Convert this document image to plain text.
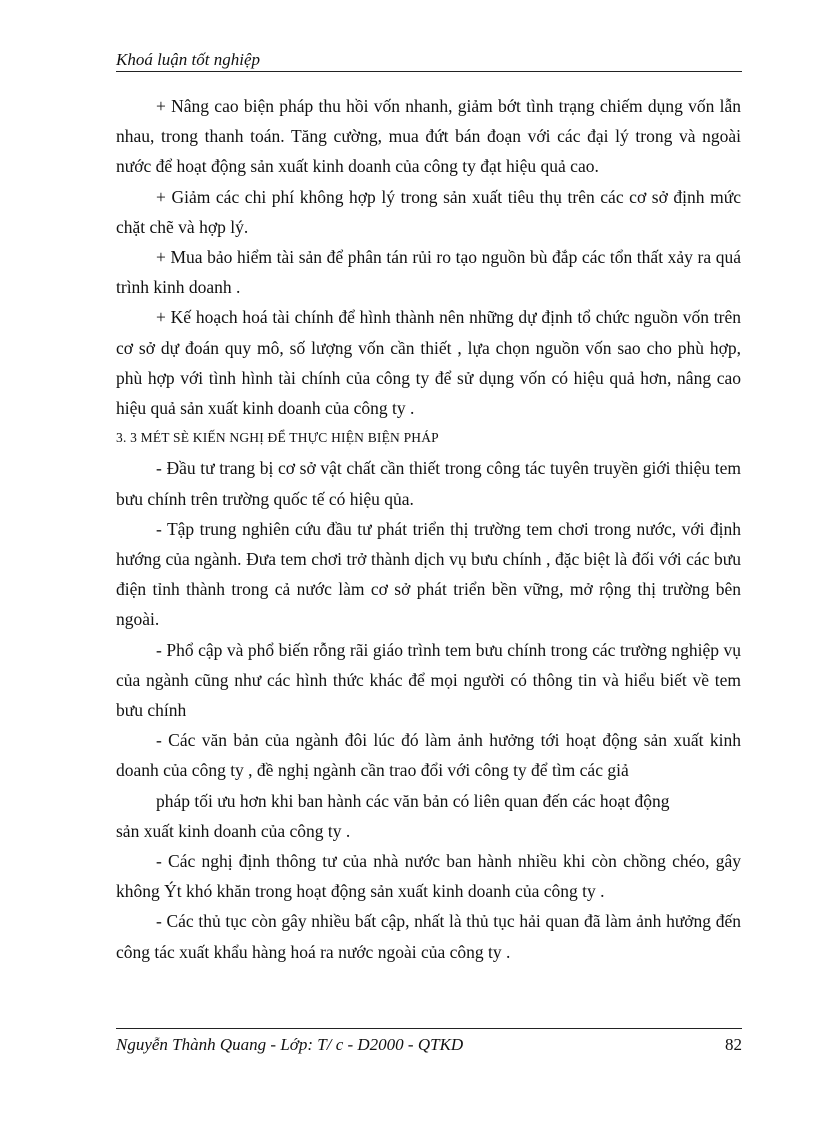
Khoá luận tốt nghiệp

+ Nâng cao biện pháp thu hồi vốn nhanh, giảm bớt tình trạng chiếm dụng vốn lẫn nhau, trong thanh toán. Tăng cường, mua đứt bán đoạn với các đại lý trong và ngoài nước để hoạt động sản xuất kinh doanh của công ty đạt hiệu quả cao.

+ Giảm các chi phí không hợp lý trong sản xuất tiêu thụ trên các cơ sở định mức chặt chẽ và hợp lý.

+ Mua bảo hiểm tài sản để phân tán rủi ro tạo nguồn bù đắp các tổn thất xảy ra quá trình kinh doanh .

+ Kế hoạch hoá tài chính để hình thành nên những dự định tổ chức nguồn vốn trên cơ sở dự đoán quy mô, số lượng vốn cần thiết , lựa chọn nguồn vốn sao cho phù hợp, phù hợp với tình hình tài chính của công ty để sử dụng vốn có hiệu quả hơn, nâng cao hiệu quả sản xuất kinh doanh của công ty .

3. 3 MÉT SÈ KIẾN NGHỊ ĐỂ THỰC HIỆN BIỆN PHÁP

- Đầu tư trang bị cơ sở vật chất cần thiết trong công tác tuyên truyền giới thiệu tem bưu chính trên trường quốc tế có hiệu qủa.

- Tập trung nghiên cứu đầu tư phát triển thị trường tem chơi trong nước, với định hướng của ngành. Đưa tem chơi trở thành dịch vụ bưu chính , đặc biệt là đối với các bưu điện tỉnh thành trong cả nước làm cơ sở phát triển bền vững, mở rộng thị trường bên ngoài.

- Phổ cập và phổ biến rỗng rãi giáo trình tem bưu chính trong các trường nghiệp vụ của ngành cũng như các hình thức khác để mọi người có thông tin và hiểu biết về tem bưu chính

- Các văn bản của ngành đôi lúc đó làm ảnh hưởng tới hoạt động sản xuất kinh doanh của công ty , đề nghị ngành cần trao đổi với công ty để tìm các giả

pháp tối ưu hơn khi ban hành các văn bản có liên quan đến các hoạt động

sản xuất kinh doanh của công ty .

- Các nghị định thông tư của nhà nước ban hành nhiều khi còn chồng chéo, gây không Ýt khó khăn trong hoạt động sản xuất kinh doanh của công ty .

- Các thủ tục còn gây nhiều bất cập, nhất là thủ tục hải quan đã làm ảnh hưởng đến công tác xuất khẩu hàng hoá ra nước ngoài của công ty .

Nguyễn Thành Quang - Lớp: T/ c - D2000 - QTKD	82
